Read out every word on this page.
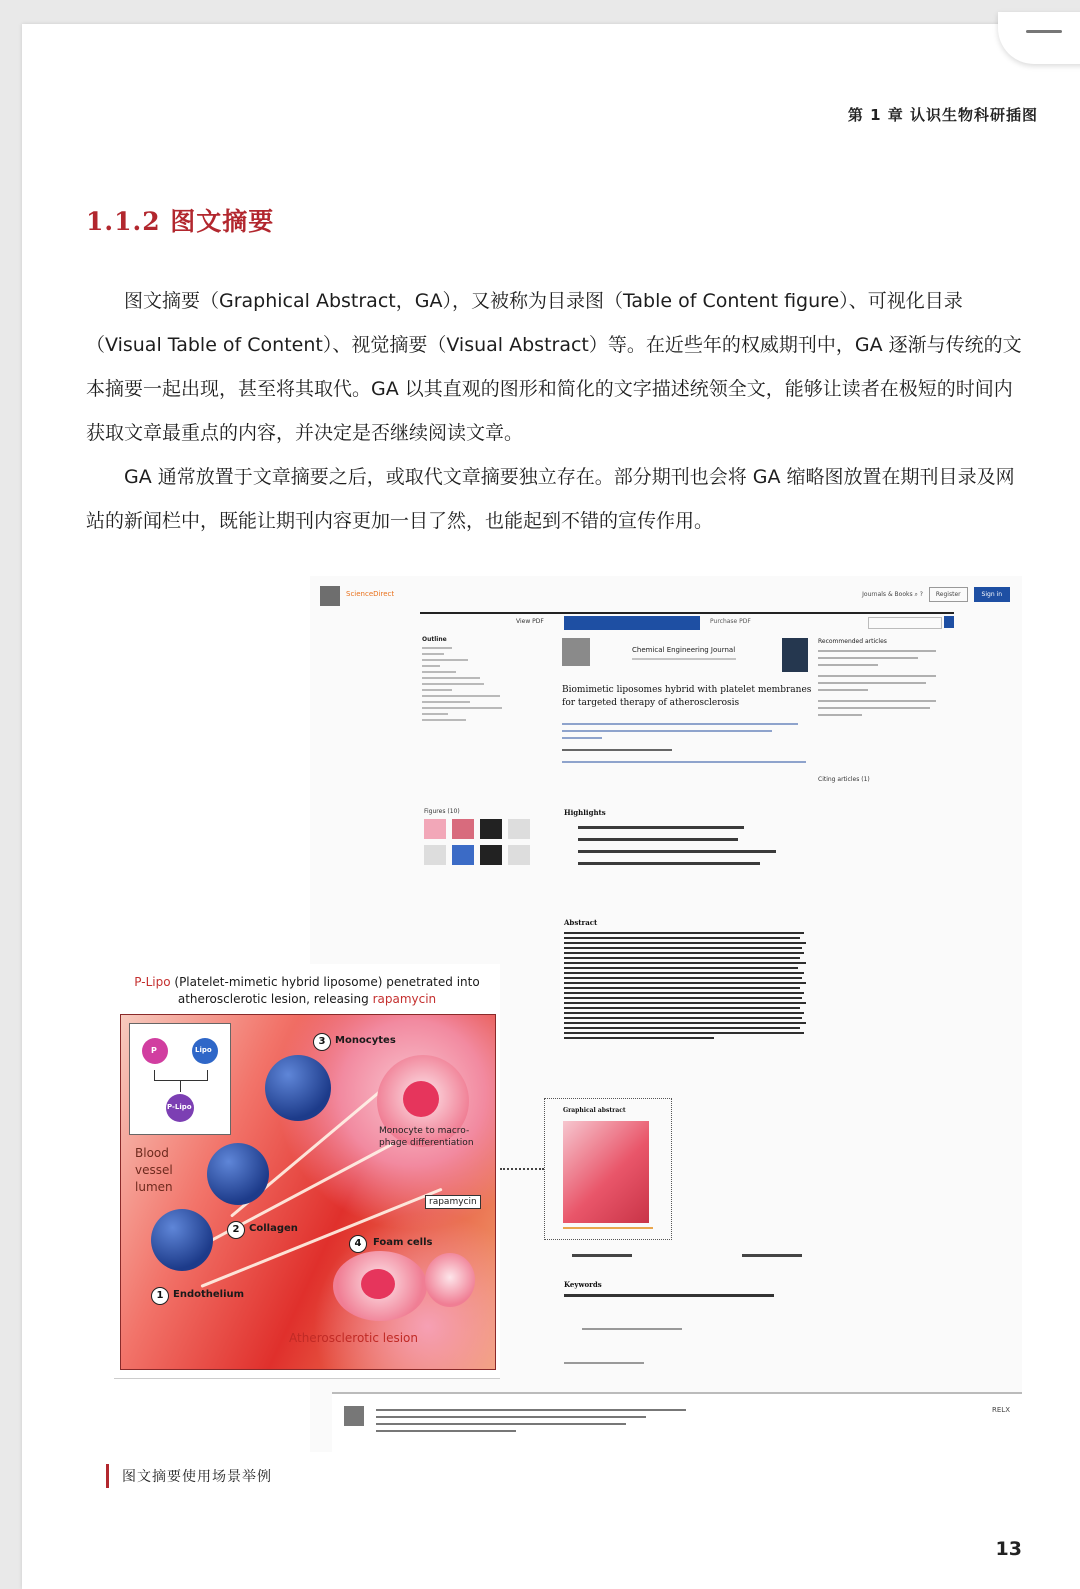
第 1 章 认识生物科研插图
1.1.2 图文摘要
图文摘要（Graphical Abstract，GA），又被称为目录图（Table of Content figure）、可视化目录（Visual Table of Content）、视觉摘要（Visual Abstract）等。在近些年的权威期刊中，GA 逐渐与传统的文本摘要一起出现，甚至将其取代。GA 以其直观的图形和简化的文字描述统领全文，能够让读者在极短的时间内获取文章最重点的内容，并决定是否继续阅读文章。
GA 通常放置于文章摘要之后，或取代文章摘要独立存在。部分期刊也会将 GA 缩略图放置在期刊目录及网站的新闻栏中，既能让期刊内容更加一目了然，也能起到不错的宣传作用。
ScienceDirect	Journals & Books ⌕ ? Register	Sign in
View PDF	Purchase PDF
Outline
Chemical Engineering Journal
Biomimetic liposomes hybrid with platelet membranes for targeted therapy of atherosclerosis
Recommended articles
Citing articles (1)
Figures (10)	Highlights
Abstract
Graphical abstract
Keywords
RELX
P-Lipo (Platelet-mimetic hybrid liposome) penetrated into atherosclerotic lesion, releasing rapamycin
P	Lipo
P-Lipo
Blood vessel lumen
3 Monocytes
Monocyte to macro-phage differentiation
rapamycin
2 Collagen
4	Foam cells
1 Endothelium
Atherosclerotic lesion
图文摘要使用场景举例
13
